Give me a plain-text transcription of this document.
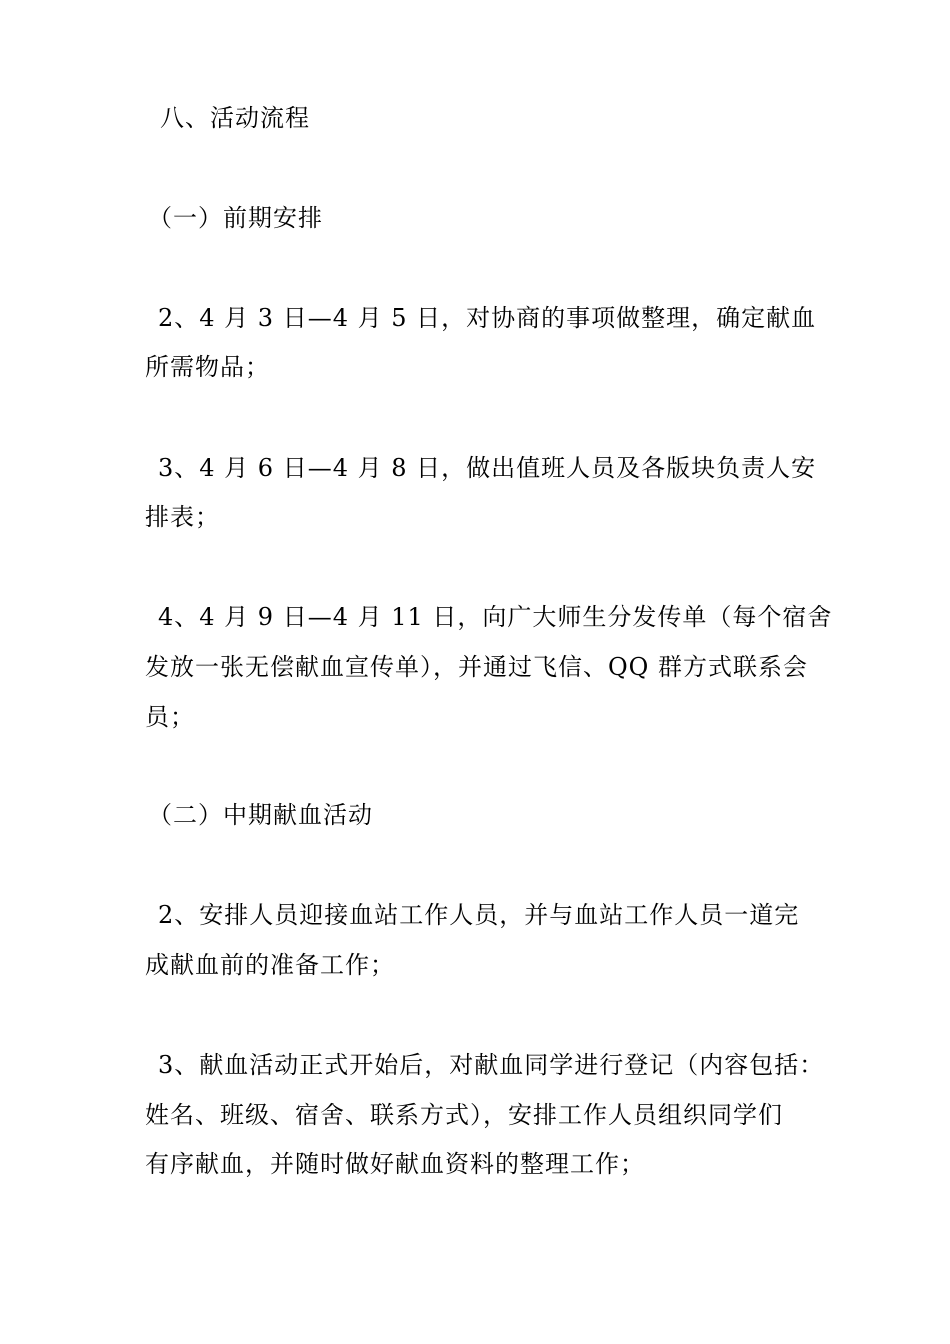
八、活动流程
（一）前期安排
2、4 月 3 日—4 月 5 日，对协商的事项做整理，确定献血
所需物品；
3、4 月 6 日—4 月 8 日，做出值班人员及各版块负责人安
排表；
4、4 月 9 日—4 月 11 日，向广大师生分发传单（每个宿舍
发放一张无偿献血宣传单），并通过飞信、QQ 群方式联系会
员；
（二）中期献血活动
2、安排人员迎接血站工作人员，并与血站工作人员一道完
成献血前的准备工作；
3、献血活动正式开始后，对献血同学进行登记（内容包括：
姓名、班级、宿舍、联系方式），安排工作人员组织同学们
有序献血，并随时做好献血资料的整理工作；
